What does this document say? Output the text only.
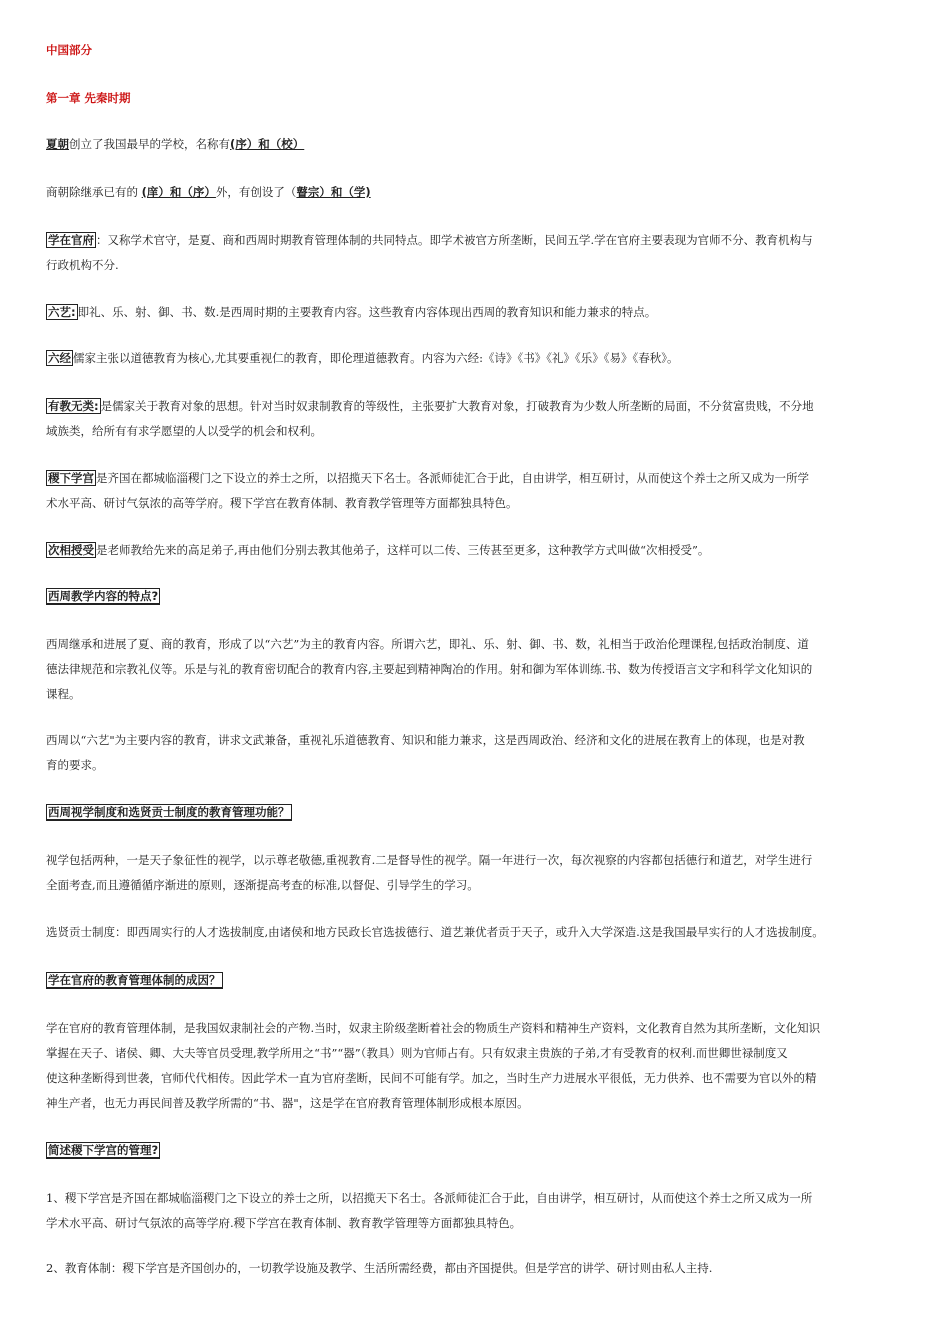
中国部分
第一章 先秦时期
夏朝创立了我国最早的学校，名称有(序）和（校）
商朝除继承已有的 (庠）和（序）外，有创设了（瞽宗）和（学)
学在官府 ：又称学术官守，是夏、商和西周时期教育管理体制的共同特点。即学术被官方所垄断，民间五学.学在官府主要表现为官师不分、教育机构与
行政机构不分.
六艺: 即礼、乐、射、御、书、数.是西周时期的主要教育内容。这些教育内容体现出西周的教育知识和能力兼求的特点。
六经 儒家主张以道德教育为核心,尤其要重视仁的教育，即伦理道德教育。内容为六经:《诗》《书》《礼》《乐》《易》《春秋》。
有教无类: 是儒家关于教育对象的思想。针对当时奴隶制教育的等级性，主张要扩大教育对象，打破教育为少数人所垄断的局面，不分贫富贵贱，不分地
域族类，给所有有求学愿望的人以受学的机会和权利。
稷下学宫 是齐国在都城临淄稷门之下设立的养士之所，以招揽天下名士。各派师徒汇合于此，自由讲学，相互研讨，从而使这个养士之所又成为一所学
术水平高、研讨气氛浓的高等学府。稷下学宫在教育体制、教育教学管理等方面都独具特色。
次相授受 是老师教给先来的高足弟子,再由他们分别去教其他弟子，这样可以二传、三传甚至更多，这种教学方式叫做“次相授受”。
西周教学内容的特点?
西周继承和进展了夏、商的教育，形成了以“六艺”为主的教育内容。所谓六艺，即礼、乐、射、御、书、数，礼相当于政治伦理课程,包括政治制度、道
德法律规范和宗教礼仪等。乐是与礼的教育密切配合的教育内容,主要起到精神陶冶的作用。射和御为军体训练.书、数为传授语言文字和科学文化知识的
课程。
西周以“六艺"为主要内容的教育，讲求文武兼备，重视礼乐道德教育、知识和能力兼求，这是西周政治、经济和文化的进展在教育上的体现，也是对教
育的要求。
西周视学制度和选贤贡士制度的教育管理功能？
视学包括两种，一是天子象征性的视学，以示尊老敬德,重视教育.二是督导性的视学。隔一年进行一次，每次视察的内容都包括德行和道艺，对学生进行
全面考查,而且遵循循序渐进的原则，逐渐提高考查的标准,以督促、引导学生的学习。
选贤贡士制度：即西周实行的人才选拔制度,由诸侯和地方民政长官选拔德行、道艺兼优者贡于天子，或升入大学深造.这是我国最早实行的人才选拔制度。
学在官府的教育管理体制的成因？
学在官府的教育管理体制，是我国奴隶制社会的产物.当时，奴隶主阶级垄断着社会的物质生产资料和精神生产资料，文化教育自然为其所垄断，文化知识
掌握在天子、诸侯、卿、大夫等官员受理,教学所用之“书”“器”（教具）则为官师占有。只有奴隶主贵族的子弟,才有受教育的权利.而世卿世禄制度又
使这种垄断得到世袭，官师代代相传。因此学术一直为官府垄断，民间不可能有学。加之，当时生产力进展水平很低，无力供养、也不需要为官以外的精
神生产者，也无力再民间普及教学所需的“书、器"，这是学在官府教育管理体制形成根本原因。
简述稷下学宫的管理?
1、稷下学宫是齐国在都城临淄稷门之下设立的养士之所，以招揽天下名士。各派师徒汇合于此，自由讲学，相互研讨，从而使这个养士之所又成为一所
学术水平高、研讨气氛浓的高等学府.稷下学宫在教育体制、教育教学管理等方面都独具特色。
2、教育体制：稷下学宫是齐国创办的，一切教学设施及教学、生活所需经费，都由齐国提供。但是学宫的讲学、研讨则由私人主持.
